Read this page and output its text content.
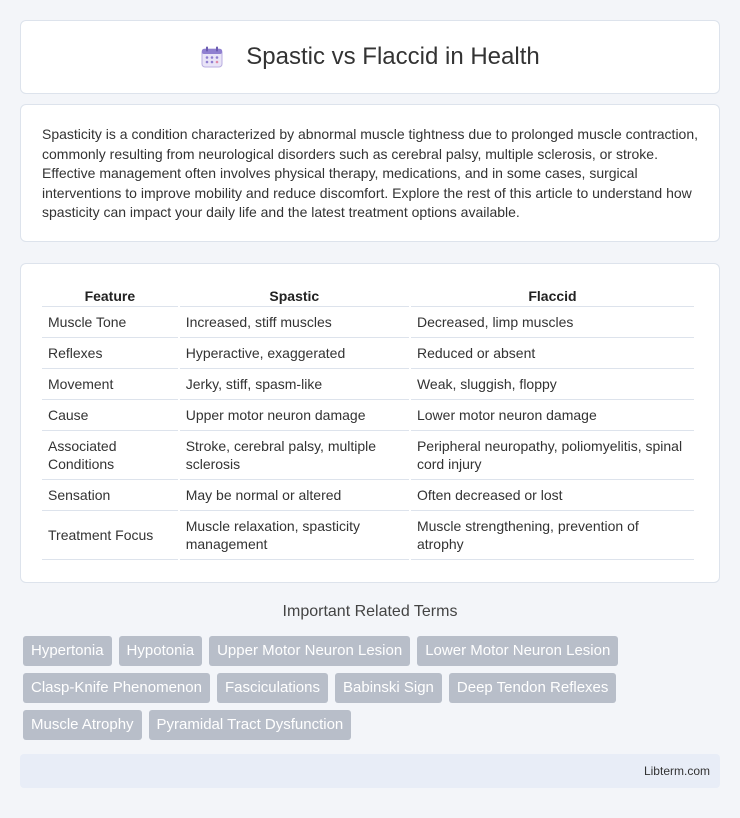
Spastic vs Flaccid in Health

Spasticity is a condition characterized by abnormal muscle tightness due to prolonged muscle contraction, commonly resulting from neurological disorders such as cerebral palsy, multiple sclerosis, or stroke. Effective management often involves physical therapy, medications, and in some cases, surgical interventions to improve mobility and reduce discomfort. Explore the rest of this article to understand how spasticity can impact your daily life and the latest treatment options available.

Feature	Spastic	Flaccid
Muscle Tone	Increased, stiff muscles	Decreased, limp muscles
Reflexes	Hyperactive, exaggerated	Reduced or absent
Movement	Jerky, stiff, spasm-like	Weak, sluggish, floppy
Cause	Upper motor neuron damage	Lower motor neuron damage
Associated Conditions	Stroke, cerebral palsy, multiple sclerosis	Peripheral neuropathy, poliomyelitis, spinal cord injury
Sensation	May be normal or altered	Often decreased or lost
Treatment Focus	Muscle relaxation, spasticity management	Muscle strengthening, prevention of atrophy
Important Related Terms
Hypertonia	Hypotonia	Upper Motor Neuron Lesion	Lower Motor Neuron Lesion
Clasp-Knife Phenomenon	Fasciculations	Babinski Sign	Deep Tendon Reflexes
Muscle Atrophy	Pyramidal Tract Dysfunction
Libterm.com
